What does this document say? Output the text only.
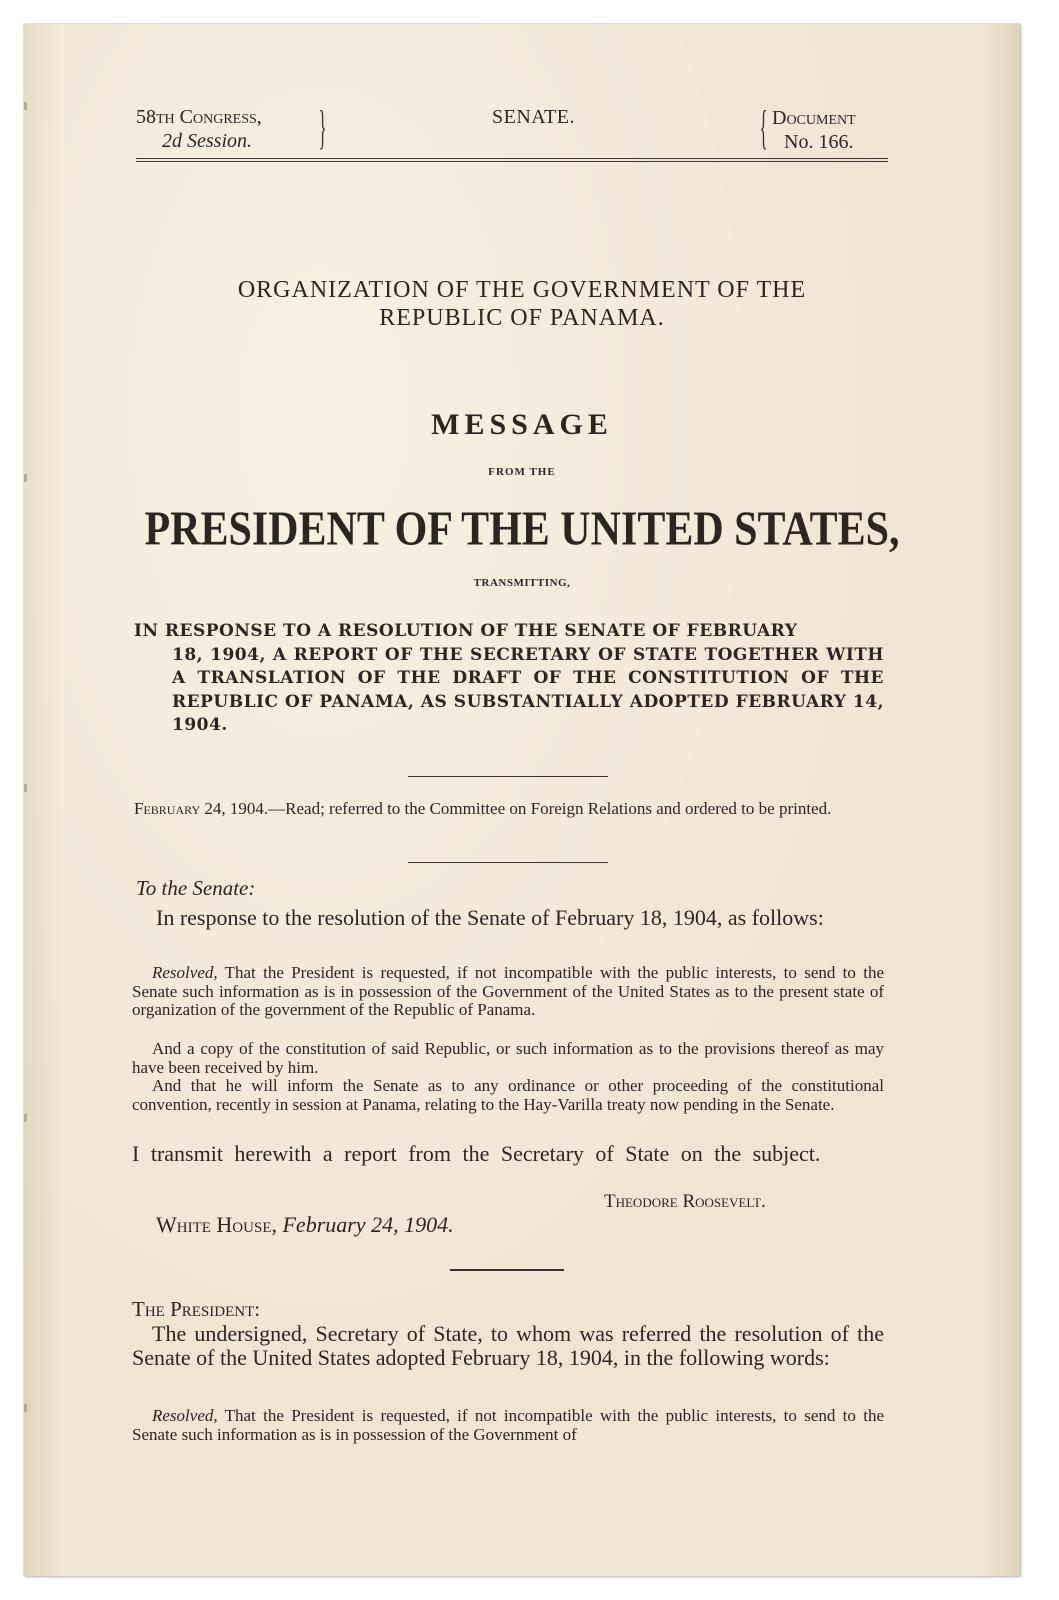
58th Congress,
2d Session. }	SENATE.	{ Document
No. 166.
ORGANIZATION OF THE GOVERNMENT OF THE
REPUBLIC OF PANAMA.
MESSAGE
FROM THE
PRESIDENT OF THE UNITED STATES,
TRANSMITTING,
IN RESPONSE TO A RESOLUTION OF THE SENATE OF FEBRUARY
18, 1904, A REPORT OF THE SECRETARY OF STATE TOGETHER WITH A TRANSLATION OF THE DRAFT OF THE CONSTITUTION OF THE REPUBLIC OF PANAMA, AS SUBSTANTIALLY ADOPTED FEBRUARY 14, 1904.
February 24, 1904.—Read; referred to the Committee on Foreign Relations and ordered to be printed.
To the Senate:
In response to the resolution of the Senate of February 18, 1904, as follows:
Resolved, That the President is requested, if not incompatible with the public interests, to send to the Senate such information as is in possession of the Government of the United States as to the present state of organization of the government of the Republic of Panama.
And a copy of the constitution of said Republic, or such information as to the provisions thereof as may have been received by him.
And that he will inform the Senate as to any ordinance or other proceeding of the constitutional convention, recently in session at Panama, relating to the Hay-Varilla treaty now pending in the Senate.
I transmit herewith a report from the Secretary of State on the subject.
Theodore Roosevelt.
White House, February 24, 1904.
The President:
The undersigned, Secretary of State, to whom was referred the resolution of the Senate of the United States adopted February 18, 1904, in the following words:
Resolved, That the President is requested, if not incompatible with the public interests, to send to the Senate such information as is in possession of the Government of
